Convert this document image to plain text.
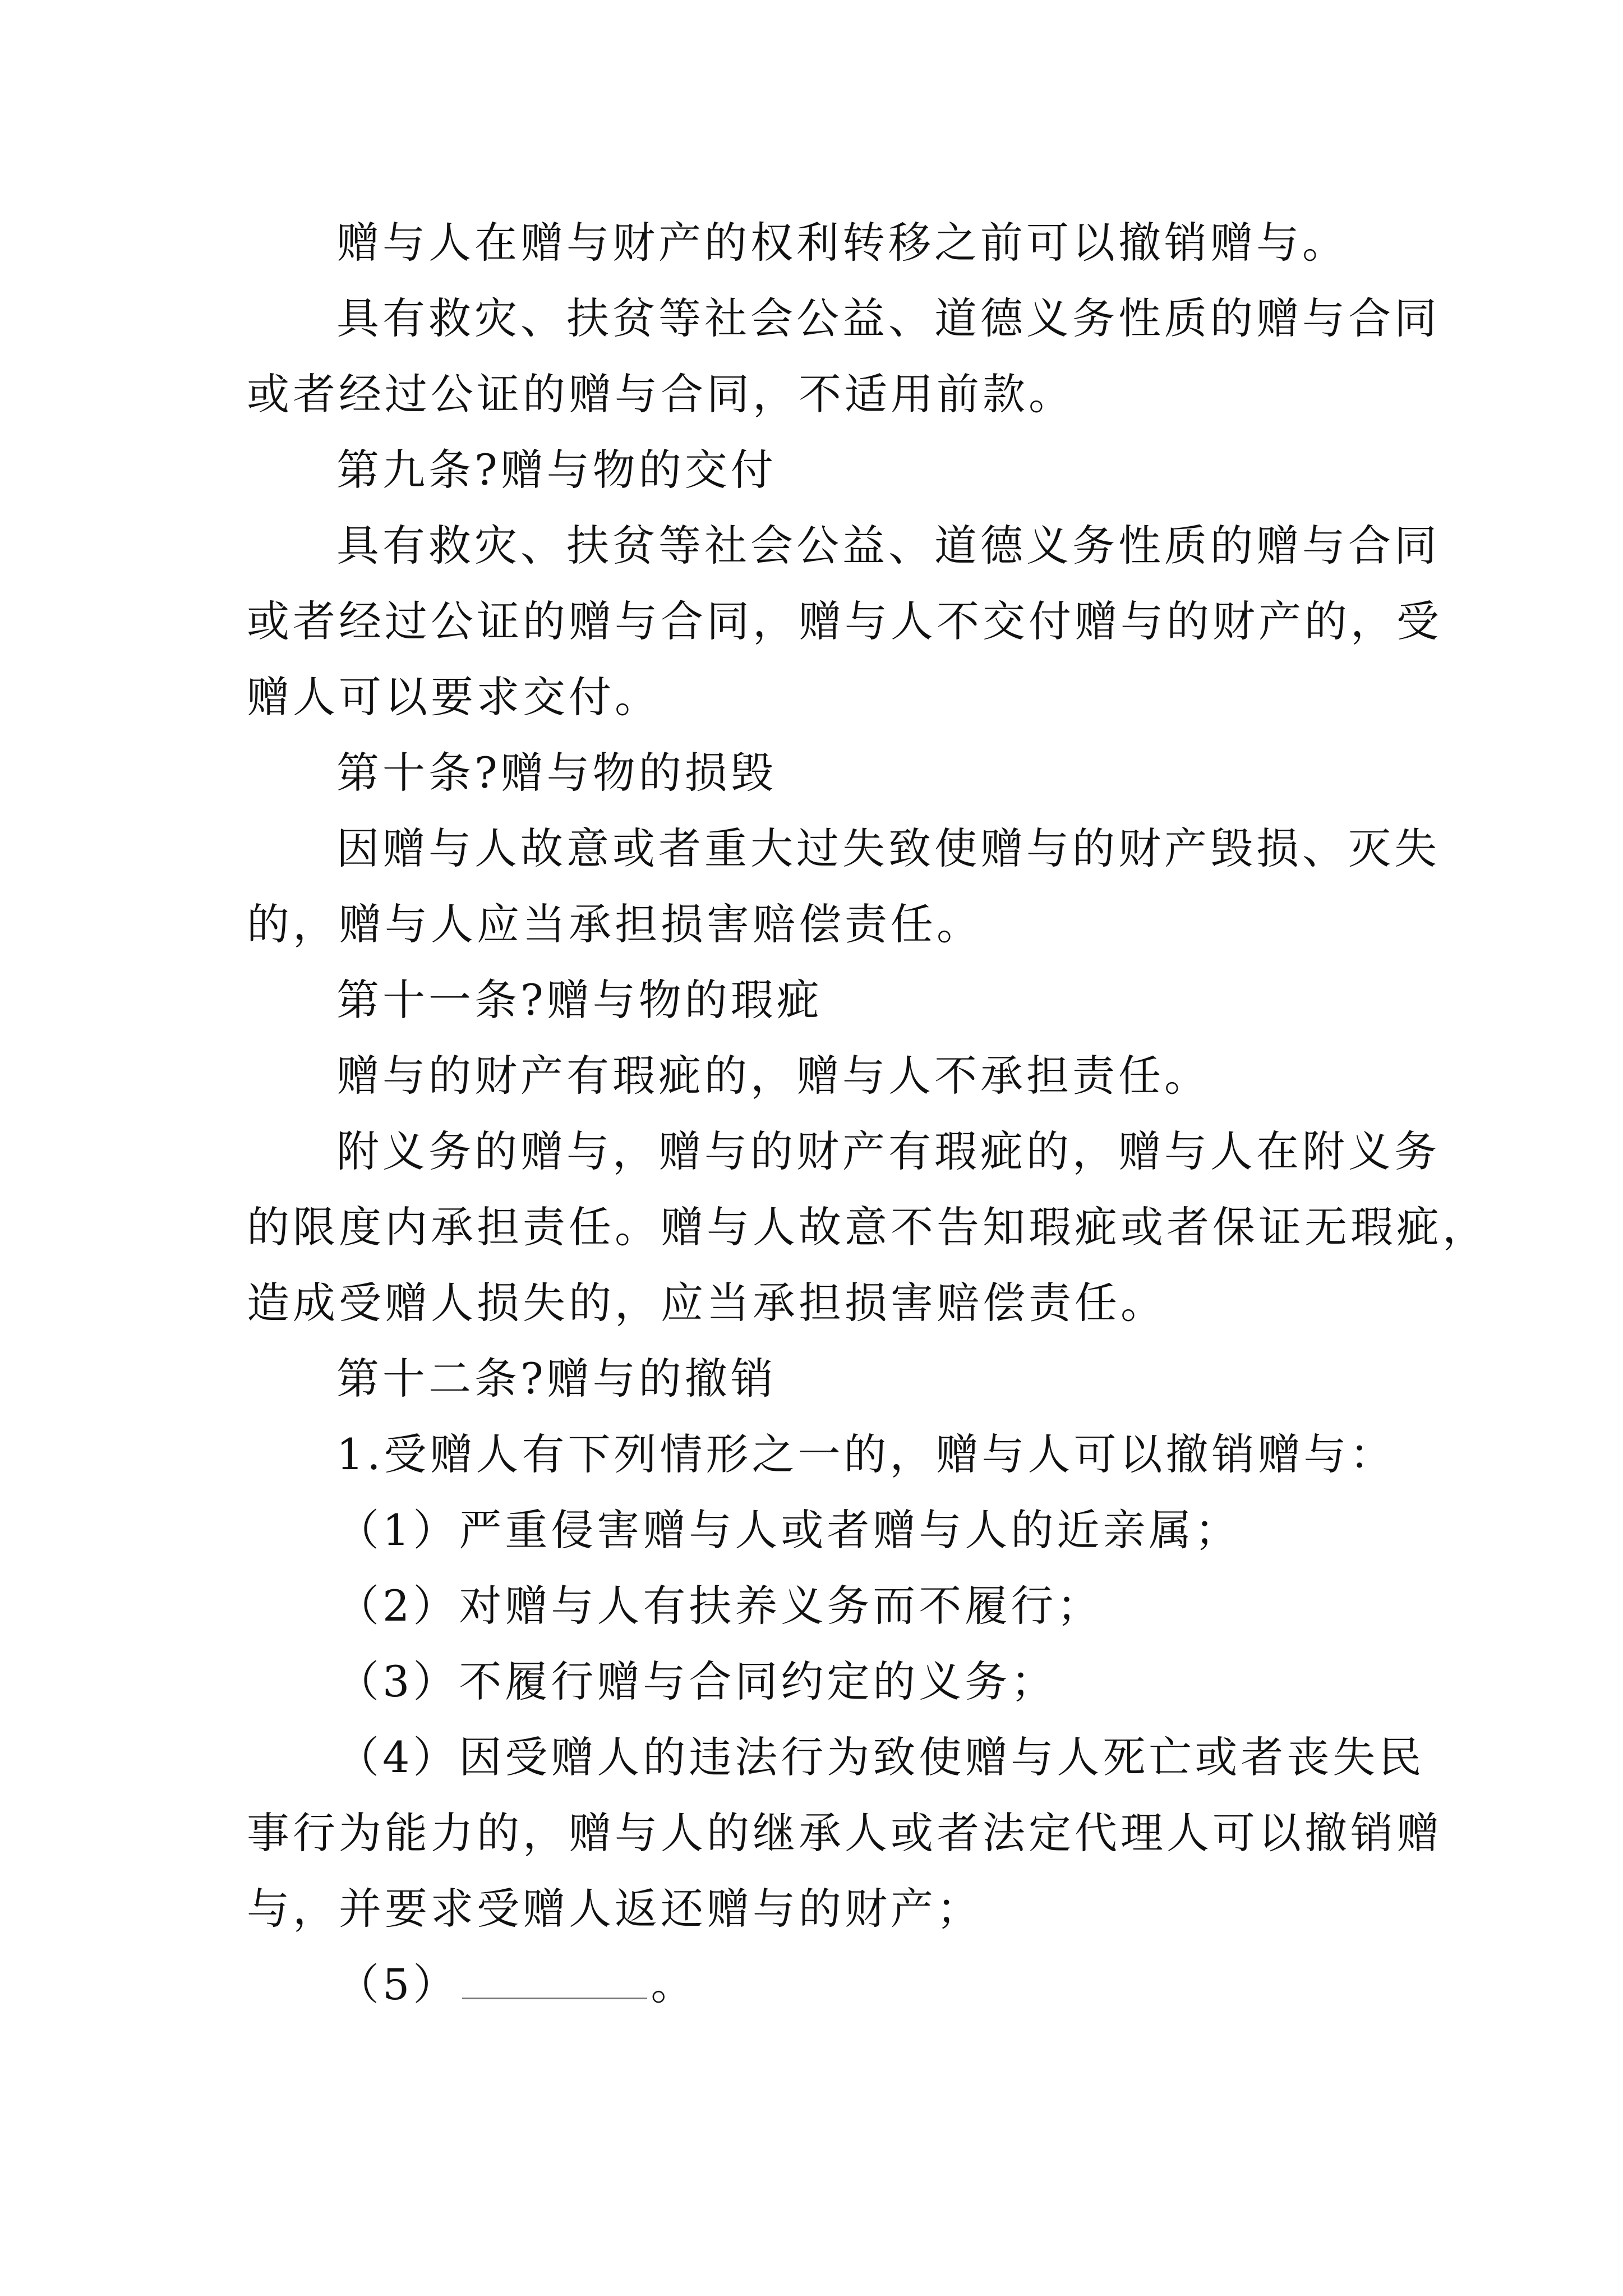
赠与人在赠与财产的权利转移之前可以撤销赠与。
具有救灾、扶贫等社会公益、道德义务性质的赠与合同
或者经过公证的赠与合同，不适用前款。
第九条?赠与物的交付
具有救灾、扶贫等社会公益、道德义务性质的赠与合同
或者经过公证的赠与合同，赠与人不交付赠与的财产的，受
赠人可以要求交付。
第十条?赠与物的损毁
因赠与人故意或者重大过失致使赠与的财产毁损、灭失
的，赠与人应当承担损害赔偿责任。
第十一条?赠与物的瑕疵
赠与的财产有瑕疵的，赠与人不承担责任。
附义务的赠与，赠与的财产有瑕疵的，赠与人在附义务
的限度内承担责任。赠与人故意不告知瑕疵或者保证无瑕疵，
造成受赠人损失的，应当承担损害赔偿责任。
第十二条?赠与的撤销
1.受赠人有下列情形之一的，赠与人可以撤销赠与：
（1）严重侵害赠与人或者赠与人的近亲属；
（2）对赠与人有扶养义务而不履行；
（3）不履行赠与合同约定的义务；
（4）因受赠人的违法行为致使赠与人死亡或者丧失民
事行为能力的，赠与人的继承人或者法定代理人可以撤销赠
与，并要求受赠人返还赠与的财产；
（5）	。
